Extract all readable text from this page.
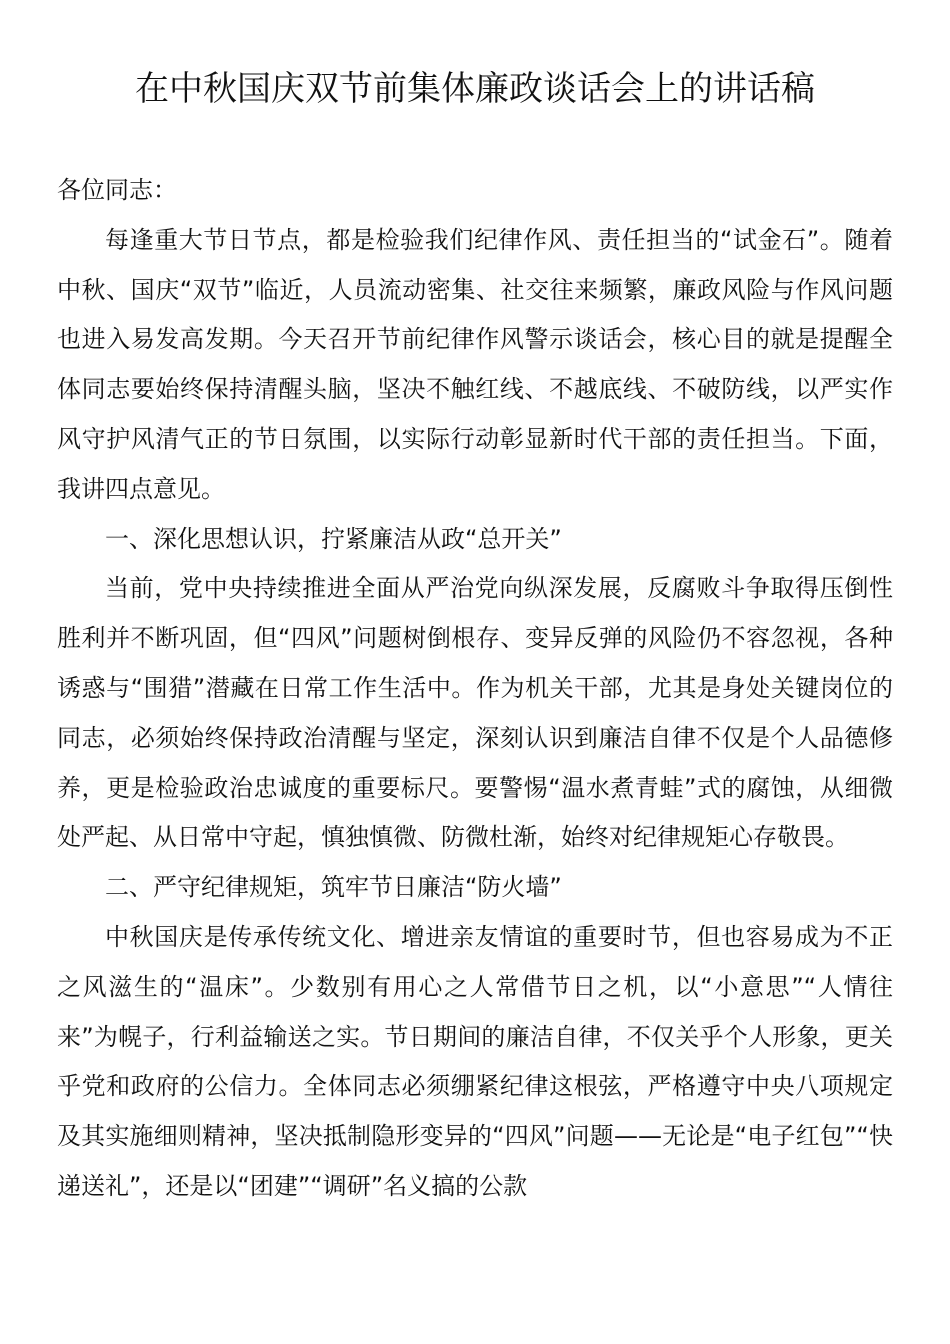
在中秋国庆双节前集体廉政谈话会上的讲话稿

各位同志：

每逢重大节日节点，都是检验我们纪律作风、责任担当的“试金石”。随着中秋、国庆“双节”临近，人员流动密集、社交往来频繁，廉政风险与作风问题也进入易发高发期。今天召开节前纪律作风警示谈话会，核心目的就是提醒全体同志要始终保持清醒头脑，坚决不触红线、不越底线、不破防线，以严实作风守护风清气正的节日氛围，以实际行动彰显新时代干部的责任担当。下面，我讲四点意见。

一、深化思想认识，拧紧廉洁从政“总开关”

当前，党中央持续推进全面从严治党向纵深发展，反腐败斗争取得压倒性胜利并不断巩固，但“四风”问题树倒根存、变异反弹的风险仍不容忽视，各种诱惑与“围猎”潜藏在日常工作生活中。作为机关干部，尤其是身处关键岗位的同志，必须始终保持政治清醒与坚定，深刻认识到廉洁自律不仅是个人品德修养，更是检验政治忠诚度的重要标尺。要警惕“温水煮青蛙”式的腐蚀，从细微处严起、从日常中守起，慎独慎微、防微杜渐，始终对纪律规矩心存敬畏。

二、严守纪律规矩，筑牢节日廉洁“防火墙”

中秋国庆是传承传统文化、增进亲友情谊的重要时节，但也容易成为不正之风滋生的“温床”。少数别有用心之人常借节日之机，以“小意思”“人情往来”为幌子，行利益输送之实。节日期间的廉洁自律，不仅关乎个人形象，更关乎党和政府的公信力。全体同志必须绷紧纪律这根弦，严格遵守中央八项规定及其实施细则精神，坚决抵制隐形变异的“四风”问题——无论是“电子红包”“快递送礼”，还是以“团建”“调研”名义搞的公款
